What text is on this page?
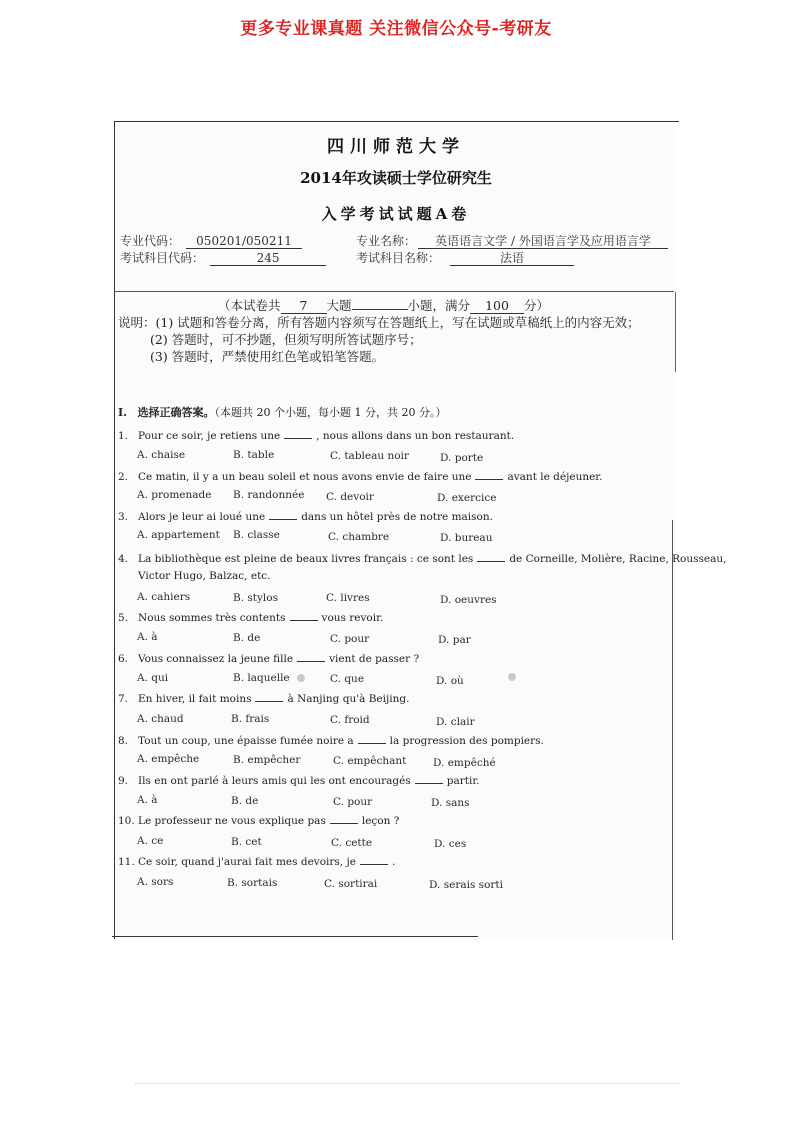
更多专业课真题 关注微信公众号-考研友
四川师范大学
2014年攻读硕士学位研究生
入学考试试题A卷
专业代码： 050201/050211	专业名称： 英语语言文学 / 外国语言学及应用语言学
考试科目代码：	245	考试科目名称：	法语
（本试卷共 7 大题	小题，满分 100 分）
说明：(1) 试题和答卷分离，所有答题内容须写在答题纸上，写在试题或草稿纸上的内容无效；
(2) 答题时，可不抄题，但须写明所答试题序号；
(3) 答题时，严禁使用红色笔或铅笔答题。
I. 选择正确答案。（本题共 20 个小题，每小题 1 分，共 20 分。）
1. Pour ce soir, je retiens une	, nous allons dans un bon restaurant.
A. chaise	B. table	C. tableau noir	D. porte
2. Ce matin, il y a un beau soleil et nous avons envie de faire une	avant le déjeuner.
A. promenade B. randonnée C. devoir	D. exercice
3. Alors je leur ai loué une	dans un hôtel près de notre maison.
A. appartement B. classe	C. chambre	D. bureau
4. La bibliothèque est pleine de beaux livres français : ce sont les	de Corneille, Molière, Racine, Rousseau,
Victor Hugo, Balzac, etc.
A. cahiers	B. stylos	C. livres	D. oeuvres
5. Nous sommes très contents	vous revoir.
A. à	B. de	C. pour	D. par
6. Vous connaissez la jeune fille	vient de passer ?
A. qui	B. laquelle	C. que	D. où
7. En hiver, il fait moins	à Nanjing qu'à Beijing.
A. chaud	B. frais	C. froid	D. clair
8. Tout un coup, une épaisse fumée noire a	la progression des pompiers.
A. empêche	B. empêcher	C. empêchant	D. empêché
9. Ils en ont parlé à leurs amis qui les ont encouragés	partir.
A. à	B. de	C. pour	D. sans
10. Le professeur ne vous explique pas	leçon ?
A. ce	B. cet	C. cette	D. ces
11. Ce soir, quand j'aurai fait mes devoirs, je	.
A. sors	B. sortais	C. sortirai	D. serais sorti
